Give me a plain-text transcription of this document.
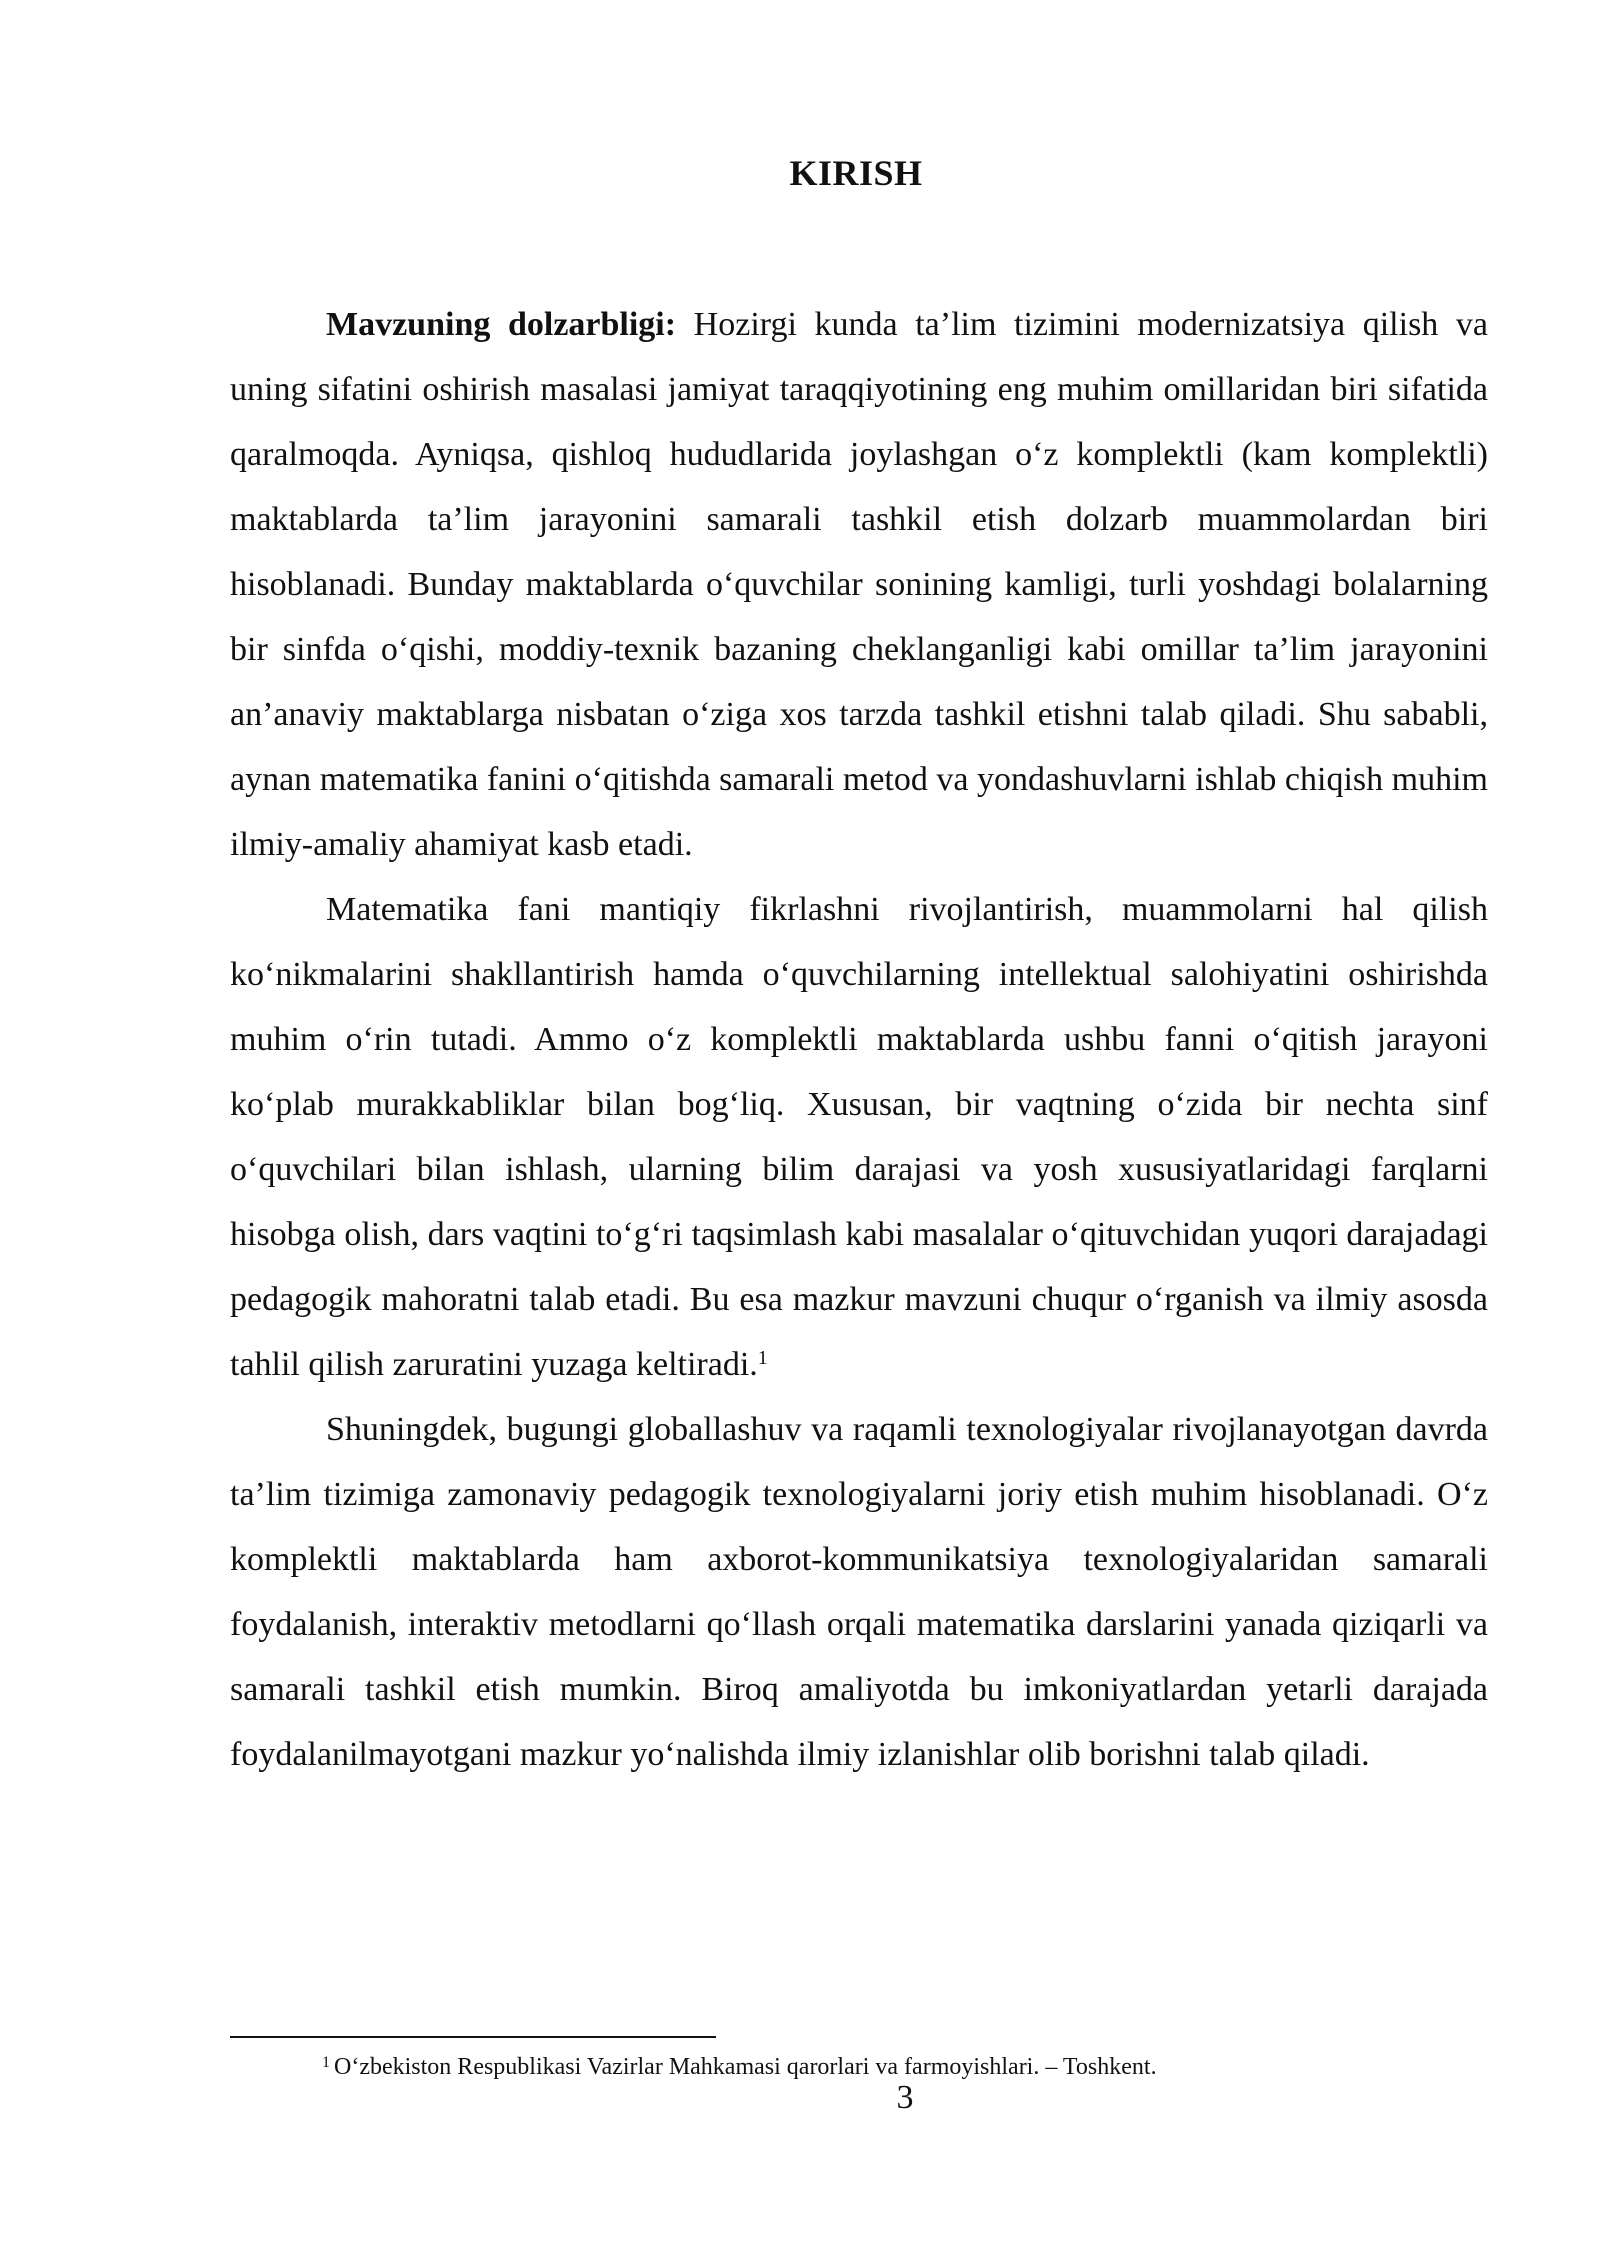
KIRISH

Mavzuning dolzarbligi: Hozirgi kunda ta’lim tizimini modernizatsiya qilish va uning sifatini oshirish masalasi jamiyat taraqqiyotining eng muhim omillaridan biri sifatida qaralmoqda. Ayniqsa, qishloq hududlarida joylashgan o‘z komplektli (kam komplektli) maktablarda ta’lim jarayonini samarali tashkil etish dolzarb muammolardan biri hisoblanadi. Bunday maktablarda o‘quvchilar sonining kamligi, turli yoshdagi bolalarning bir sinfda o‘qishi, moddiy-texnik bazaning cheklanganligi kabi omillar ta’lim jarayonini an’anaviy maktablarga nisbatan o‘ziga xos tarzda tashkil etishni talab qiladi. Shu sababli, aynan matematika fanini o‘qitishda samarali metod va yondashuvlarni ishlab chiqish muhim ilmiy-amaliy ahamiyat kasb etadi.

Matematika fani mantiqiy fikrlashni rivojlantirish, muammolarni hal qilish ko‘nikmalarini shakllantirish hamda o‘quvchilarning intellektual salohiyatini oshirishda muhim o‘rin tutadi. Ammo o‘z komplektli maktablarda ushbu fanni o‘qitish jarayoni ko‘plab murakkabliklar bilan bog‘liq. Xususan, bir vaqtning o‘zida bir nechta sinf o‘quvchilari bilan ishlash, ularning bilim darajasi va yosh xususiyatlaridagi farqlarni hisobga olish, dars vaqtini to‘g‘ri taqsimlash kabi masalalar o‘qituvchidan yuqori darajadagi pedagogik mahoratni talab etadi. Bu esa mazkur mavzuni chuqur o‘rganish va ilmiy asosda tahlil qilish zaruratini yuzaga keltiradi.$^1$

Shuningdek, bugungi globallashuv va raqamli texnologiyalar rivojlanayotgan davrda ta’lim tizimiga zamonaviy pedagogik texnologiyalarni joriy etish muhim hisoblanadi. O‘z komplektli maktablarda ham axborot-kommunikatsiya texnologiyalaridan samarali foydalanish, interaktiv metodlarni qo‘llash orqali matematika darslarini yanada qiziqarli va samarali tashkil etish mumkin. Biroq amaliyotda bu imkoniyatlardan yetarli darajada foydalanilmayotgani mazkur yo‘nalishda ilmiy izlanishlar olib borishni talab qiladi.

$^1$ O‘zbekiston Respublikasi Vazirlar Mahkamasi qarorlari va farmoyishlari. – Toshkent.

3
